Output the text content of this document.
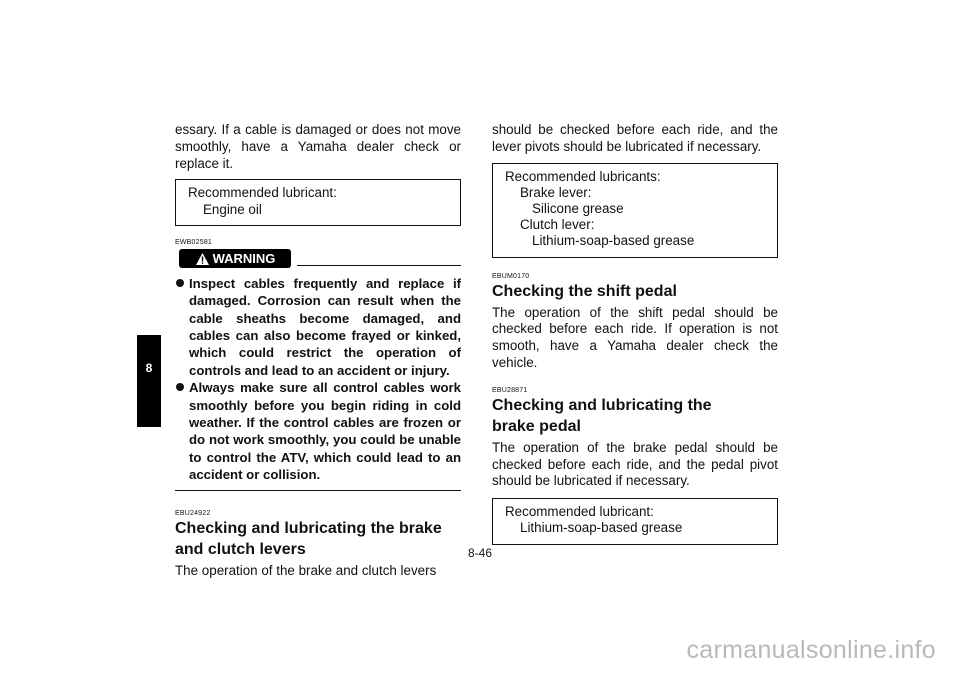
8

essary. If a cable is damaged or does not move smoothly, have a Yamaha dealer check or replace it.

Recommended lubricant:
Engine oil
EWB02581
WARNING
Inspect cables frequently and replace if damaged. Corrosion can result when the cable sheaths become damaged, and cables can also become frayed or kinked, which could restrict the operation of controls and lead to an accident or injury.
Always make sure all control cables work smoothly before you begin riding in cold weather. If the control cables are frozen or do not work smoothly, you could be unable to control the ATV, which could lead to an accident or collision.
EBU24922
Checking and lubricating the brake and clutch levers

The operation of the brake and clutch levers

should be checked before each ride, and the lever pivots should be lubricated if necessary.

Recommended lubricants:
Brake lever:
Silicone grease
Clutch lever:
Lithium-soap-based grease
EBUM0170
Checking the shift pedal

The operation of the shift pedal should be checked before each ride. If operation is not smooth, have a Yamaha dealer check the vehicle.

EBU28871
Checking and lubricating the brake pedal

The operation of the brake pedal should be checked before each ride, and the pedal pivot should be lubricated if necessary.

Recommended lubricant:
Lithium-soap-based grease
8-46
carmanualsonline.info
